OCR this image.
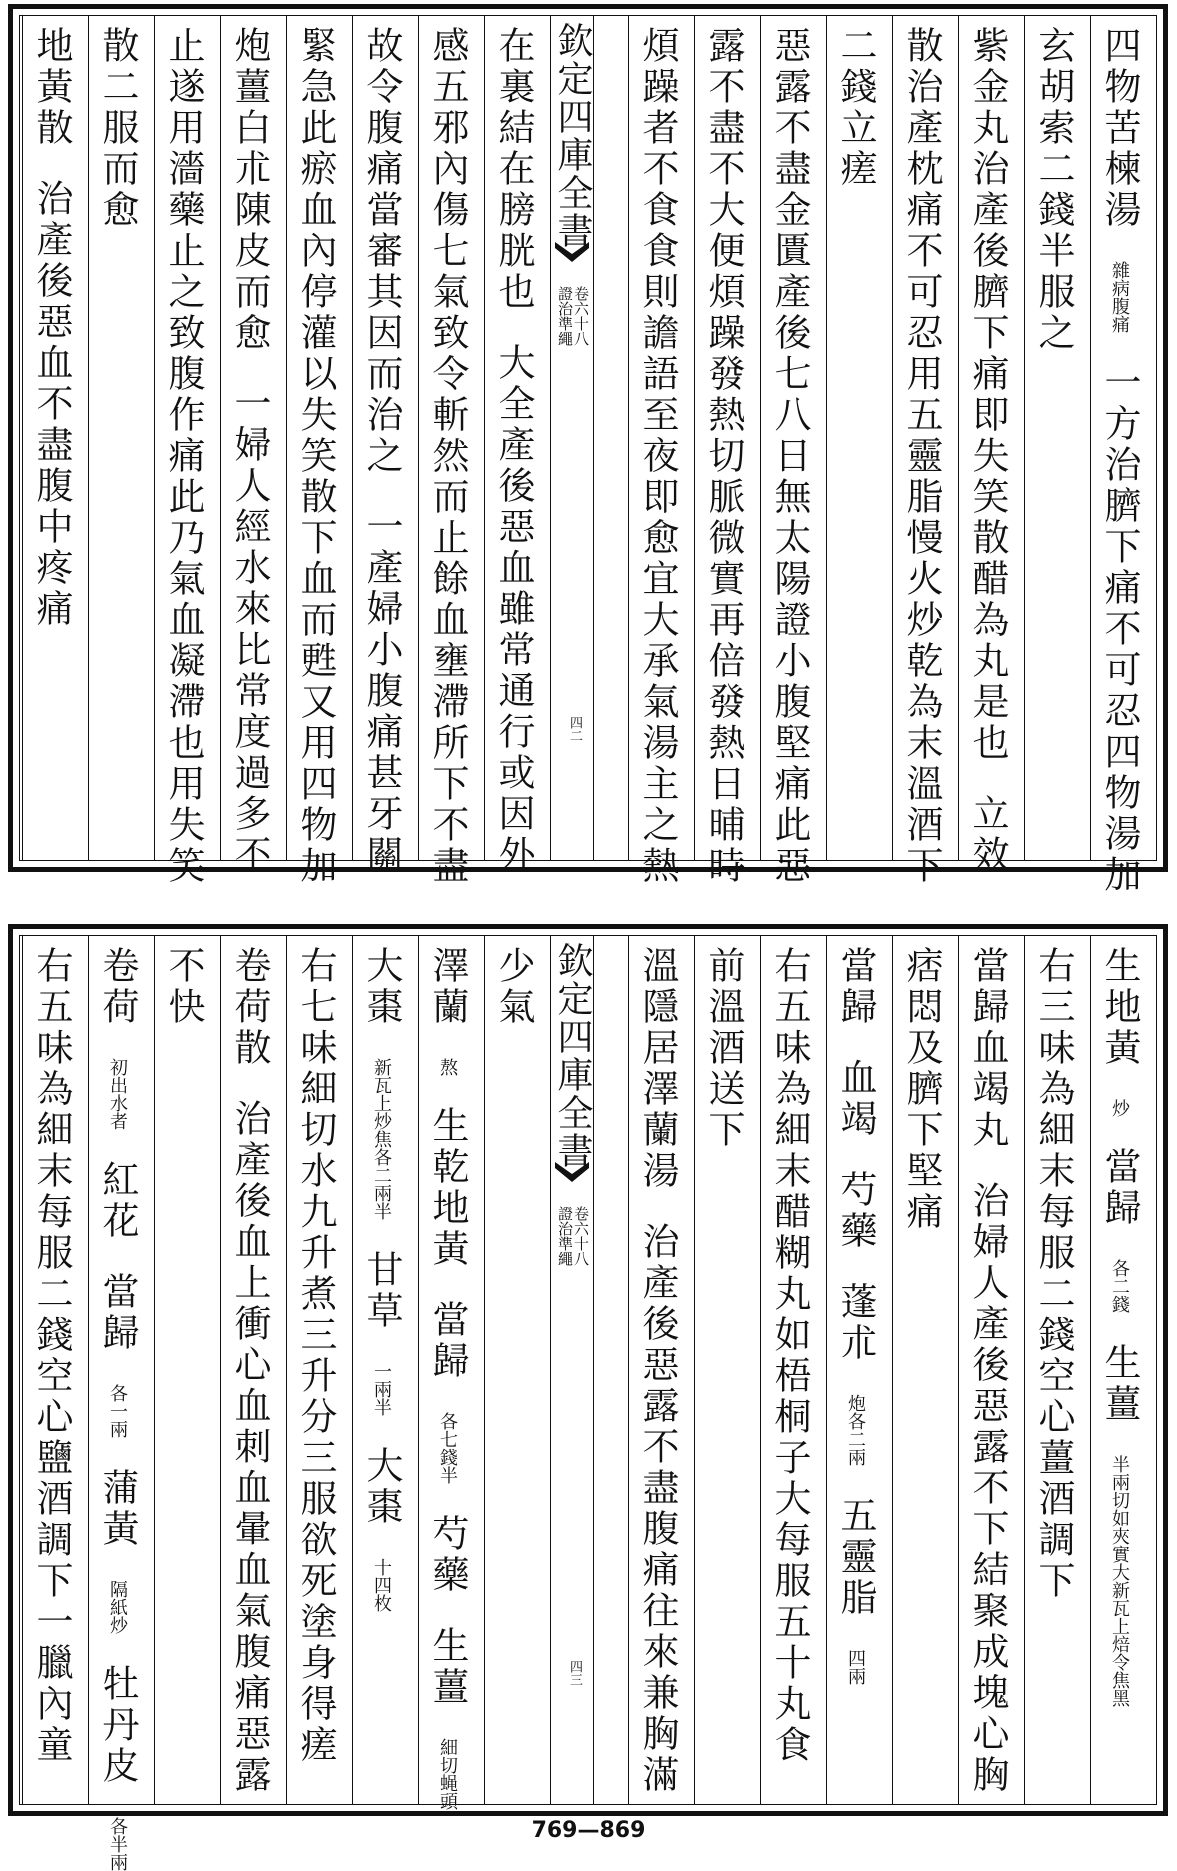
欽定四庫全書
證治準繩
卷六十八
四二
四物苦楝湯雜病腹痛一方治臍下痛不可忍四物湯加
玄胡索二錢半服之
紫金丸治產後臍下痛即失笑散醋為丸是也立效
散治產枕痛不可忍用五靈脂慢火炒乾為末溫酒下
二錢立瘥
惡露不盡金匱產後七八日無太陽證小腹堅痛此惡
露不盡不大便煩躁發熱切脈微實再倍發熱日晡時
煩躁者不食食則譫語至夜即愈宜大承氣湯主之熱
在裏結在膀胱也大全產後惡血雖常通行或因外
感五邪內傷七氣致令斬然而止餘血壅滯所下不盡
故令腹痛當審其因而治之一產婦小腹痛甚牙關
緊急此瘀血內停灌以失笑散下血而甦又用四物加
炮薑白朮陳皮而愈一婦人經水來比常度過多不
止遂用濇藥止之致腹作痛此乃氣血凝滯也用失笑
散二服而愈
地黃散治產後惡血不盡腹中疼痛
欽定四庫全書
證治準繩
卷六十八
四三
生地黃炒當歸各二錢生薑半兩切如夾實大新瓦上焙令焦黑
右三味為細末每服二錢空心薑酒調下
當歸血竭丸治婦人產後惡露不下結聚成塊心胸
痞悶及臍下堅痛
當歸血竭芍藥蓬朮炮各二兩五靈脂四兩
右五味為細末醋糊丸如梧桐子大每服五十丸食
前溫酒送下
溫隱居澤蘭湯治產後惡露不盡腹痛往來兼胸滿
少氣
澤蘭熬生乾地黃當歸各七錢半芍藥生薑細切蝇頭
大棗新瓦上炒焦各二兩半甘草一兩半大棗十四枚
右七味細切水九升煮三升分三服欲死塗身得瘥
卷荷散治產後血上衝心血刺血暈血氣腹痛惡露
不快
卷荷初出水者紅花當歸各一兩蒲黃隔紙炒牡丹皮各半兩
右五味為細末每服二錢空心鹽酒調下一臘內童
769—869
